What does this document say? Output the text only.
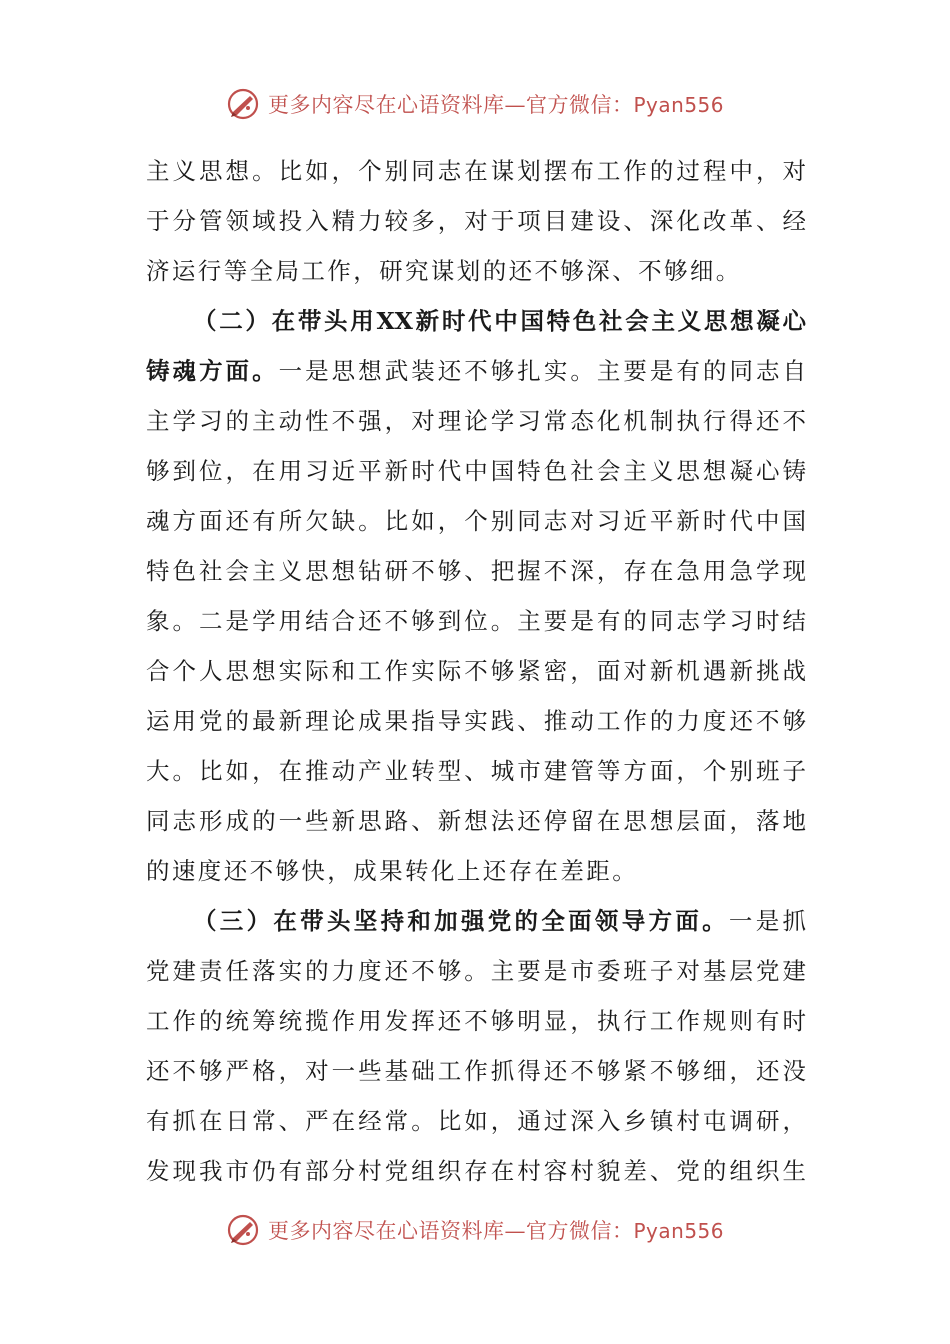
更多内容尽在心语资料库—官方微信：Pyan556
主义思想。比如，个别同志在谋划摆布工作的过程中，对
于分管领域投入精力较多，对于项目建设、深化改革、经
济运行等全局工作，研究谋划的还不够深、不够细。
（二）在带头用XX新时代中国特色社会主义思想凝心
铸魂方面。一是思想武装还不够扎实。主要是有的同志自
主学习的主动性不强，对理论学习常态化机制执行得还不
够到位，在用习近平新时代中国特色社会主义思想凝心铸
魂方面还有所欠缺。比如，个别同志对习近平新时代中国
特色社会主义思想钻研不够、把握不深，存在急用急学现
象。二是学用结合还不够到位。主要是有的同志学习时结
合个人思想实际和工作实际不够紧密，面对新机遇新挑战
运用党的最新理论成果指导实践、推动工作的力度还不够
大。比如，在推动产业转型、城市建管等方面，个别班子
同志形成的一些新思路、新想法还停留在思想层面，落地
的速度还不够快，成果转化上还存在差距。
（三）在带头坚持和加强党的全面领导方面。一是抓
党建责任落实的力度还不够。主要是市委班子对基层党建
工作的统筹统揽作用发挥还不够明显，执行工作规则有时
还不够严格，对一些基础工作抓得还不够紧不够细，还没
有抓在日常、严在经常。比如，通过深入乡镇村屯调研，
发现我市仍有部分村党组织存在村容村貌差、党的组织生
更多内容尽在心语资料库—官方微信：Pyan556
